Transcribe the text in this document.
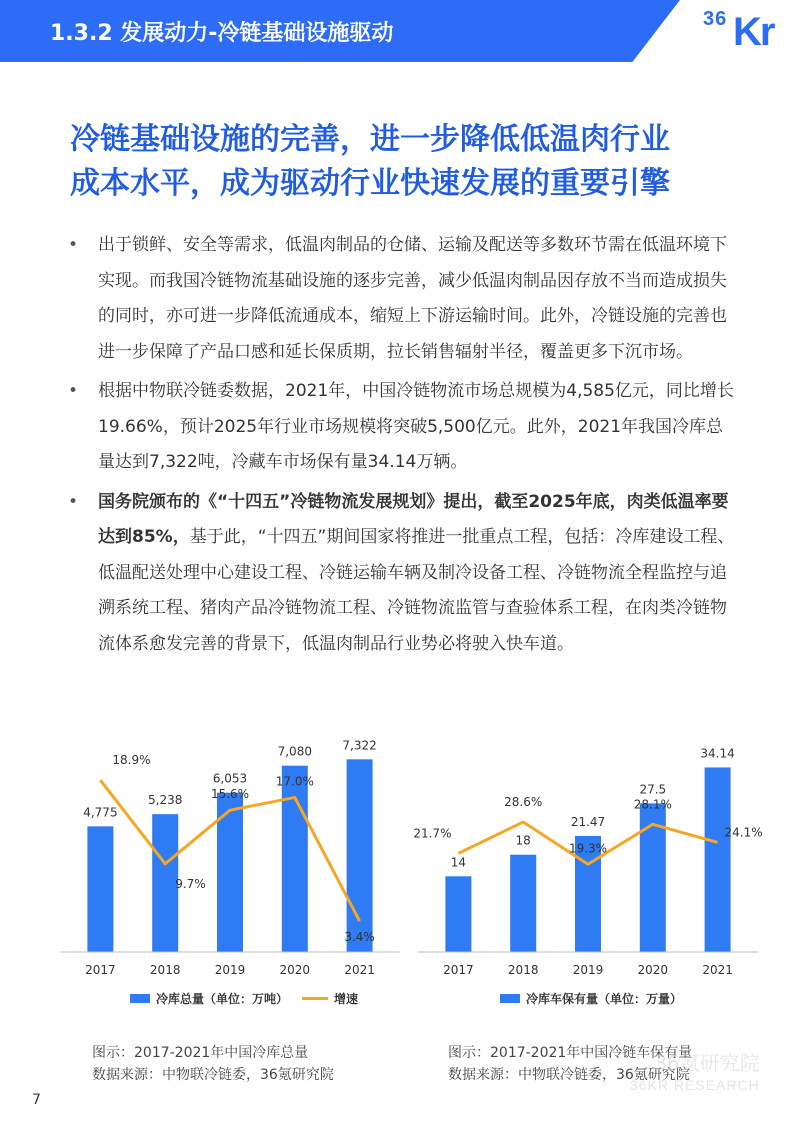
1.3.2 发展动力-冷链基础设施驱动
36 Kr
冷链基础设施的完善，进一步降低低温肉行业
成本水平，成为驱动行业快速发展的重要引擎

• 出于锁鲜、安全等需求，低温肉制品的仓储、运输及配送等多数环节需在低温环境下实现。而我国冷链物流基础设施的逐步完善，减少低温肉制品因存放不当而造成损失的同时，亦可进一步降低流通成本，缩短上下游运输时间。此外，冷链设施的完善也进一步保障了产品口感和延长保质期，拉长销售辐射半径，覆盖更多下沉市场。

• 根据中物联冷链委数据，2021年，中国冷链物流市场总规模为4,585亿元，同比增长19.66%，预计2025年行业市场规模将突破5,500亿元。此外，2021年我国冷库总量达到7,322吨，冷藏车市场保有量34.14万辆。

• 国务院颁布的《“十四五”冷链物流发展规划》提出，截至2025年底，肉类低温率要达到85%，基于此，“十四五”期间国家将推进一批重点工程，包括：冷库建设工程、低温配送处理中心建设工程、冷链运输车辆及制冷设备工程、冷链物流全程监控与追溯系统工程、猪肉产品冷链物流工程、冷链物流监管与查验体系工程，在肉类冷链物流体系愈发完善的背景下，低温肉制品行业势必将驶入快车道。

4,775
5,238
6,053
7,080	7,322
2017	2018	2019	2020	2021
18.9%
9.7%
15.6%
17.0%
3.4%
14
18
21.47
27.5
34.14
2017	2018	2019	2020	2021
21.7%
28.6%
19.3%
28.1%
24.1%
冷库总量（单位：万吨）	增速	冷库车保有量（单位：万量）
图示：2017-2021年中国冷库总量
数据来源：中物联冷链委，36氪研究院
图示：2017-2021年中国冷链车保有量
数据来源：中物联冷链委，36氪研究院
36氪研究院
36KR RESEARCH
7
